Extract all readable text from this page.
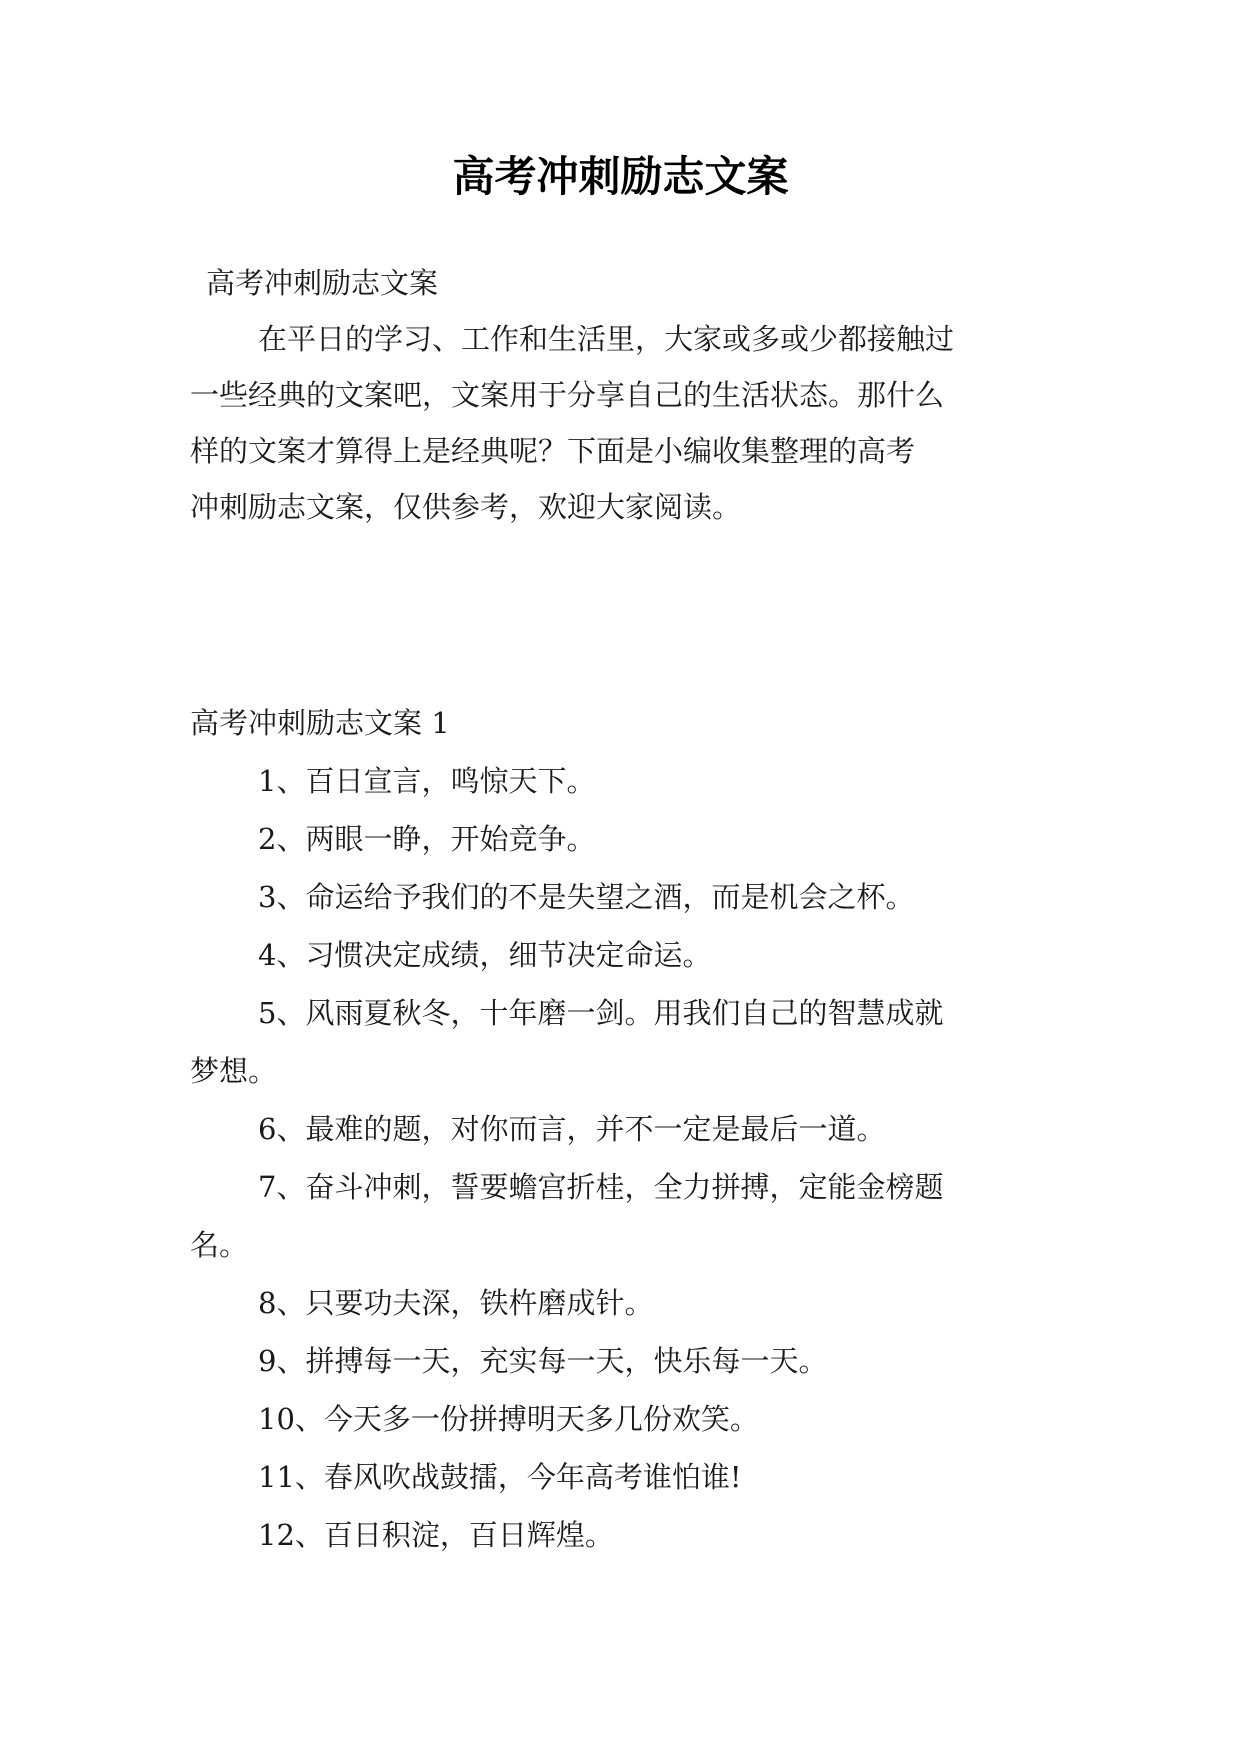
高考冲刺励志文案
高考冲刺励志文案
在平日的学习、工作和生活里，大家或多或少都接触过
一些经典的文案吧，文案用于分享自己的生活状态。那什么
样的文案才算得上是经典呢？下面是小编收集整理的高考
冲刺励志文案，仅供参考，欢迎大家阅读。
高考冲刺励志文案 1
1、百日宣言，鸣惊天下。
2、两眼一睁，开始竞争。
3、命运给予我们的不是失望之酒，而是机会之杯。
4、习惯决定成绩，细节决定命运。
5、风雨夏秋冬，十年磨一剑。用我们自己的智慧成就
梦想。
6、最难的题，对你而言，并不一定是最后一道。
7、奋斗冲刺，誓要蟾宫折桂，全力拼搏，定能金榜题
名。
8、只要功夫深，铁杵磨成针。
9、拼搏每一天，充实每一天，快乐每一天。
10、今天多一份拼搏明天多几份欢笑。
11、春风吹战鼓擂，今年高考谁怕谁!
12、百日积淀，百日辉煌。
